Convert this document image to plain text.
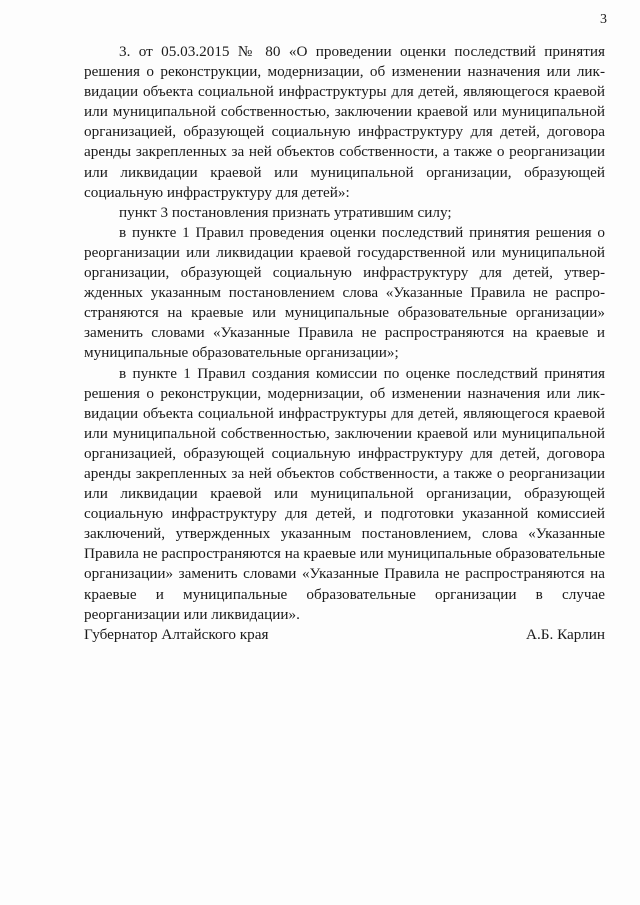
3

3. от 05.03.2015 № 80 «О проведении оценки последствий принятия решения о реконструкции, модернизации, об изменении назначения или ликвидации объекта социальной инфраструктуры для детей, являющегося краевой или муниципальной собственностью, заключении краевой или муниципальной организацией, образующей социальную инфраструктуру для детей, договора аренды закрепленных за ней объектов собственности, а также о реорганизации или ликвидации краевой или муниципальной организации, образующей социальную инфраструктуру для детей»:

пункт 3 постановления признать утратившим силу;

в пункте 1 Правил проведения оценки последствий принятия решения о реорганизации или ликвидации краевой государственной или муниципальной организации, образующей социальную инфраструктуру для детей, утвержденных указанным постановлением слова «Указанные Правила не распространяются на краевые или муниципальные образовательные организации» заменить словами «Указанные Правила не распространяются на краевые и муниципальные образовательные организации»;

в пункте 1 Правил создания комиссии по оценке последствий принятия решения о реконструкции, модернизации, об изменении назначения или ликвидации объекта социальной инфраструктуры для детей, являющегося краевой или муниципальной собственностью, заключении краевой или муниципальной организацией, образующей социальную инфраструктуру для детей, договора аренды закрепленных за ней объектов собственности, а также о реорганизации или ликвидации краевой или муниципальной организации, образующей социальную инфраструктуру для детей, и подготовки указанной комиссией заключений, утвержденных указанным постановлением, слова «Указанные Правила не распространяются на краевые или муниципальные образовательные организации» заменить словами «Указанные Правила не распространяются на краевые и муниципальные образовательные организации в случае реорганизации или ликвидации».

Губернатор Алтайского края	А.Б. Карлин
